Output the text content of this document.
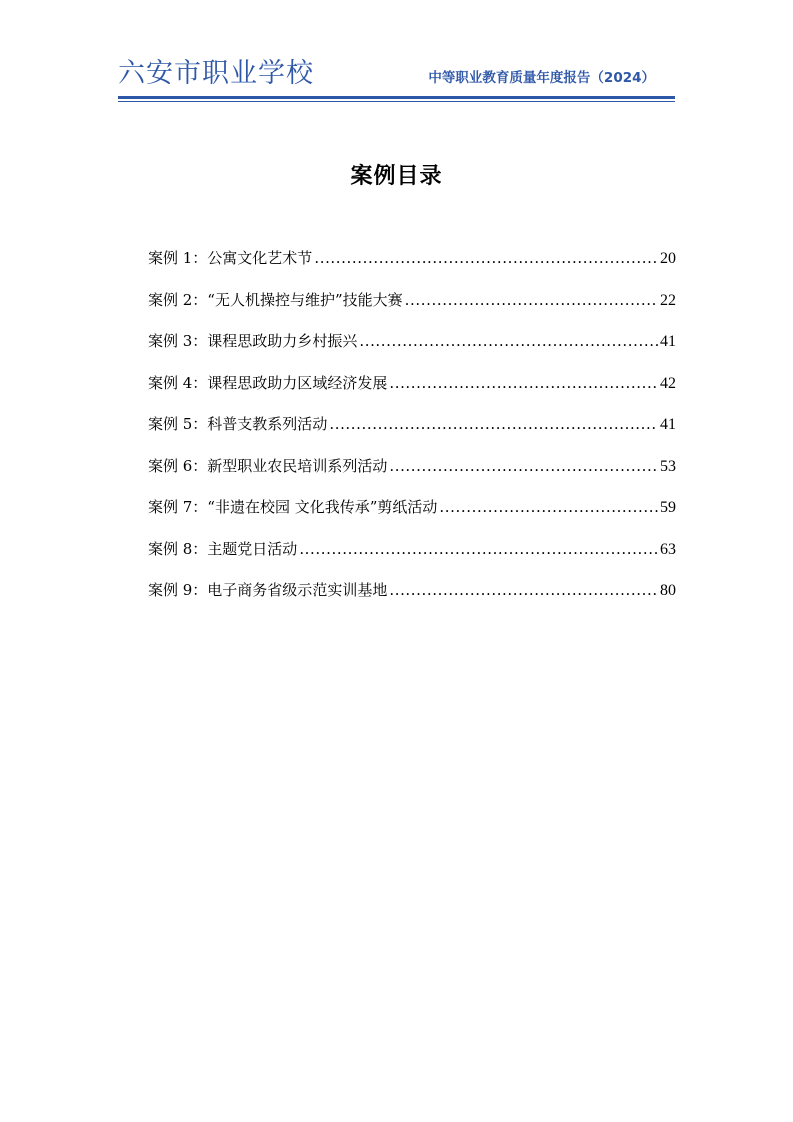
六安市职业学校	中等职业教育质量年度报告（2024）
案例目录
案例 1：公寓文化艺术节 .....	20
案例 2：“无人机操控与维护”技能大赛 .....	22
案例 3：课程思政助力乡村振兴 .....	41
案例 4：课程思政助力区域经济发展 .....	42
案例 5：科普支教系列活动 .....	41
案例 6：新型职业农民培训系列活动 .....	53
案例 7：“非遗在校园 文化我传承”剪纸活动 .....	59
案例 8：主题党日活动 .....	63
案例 9：电子商务省级示范实训基地 .....	80
